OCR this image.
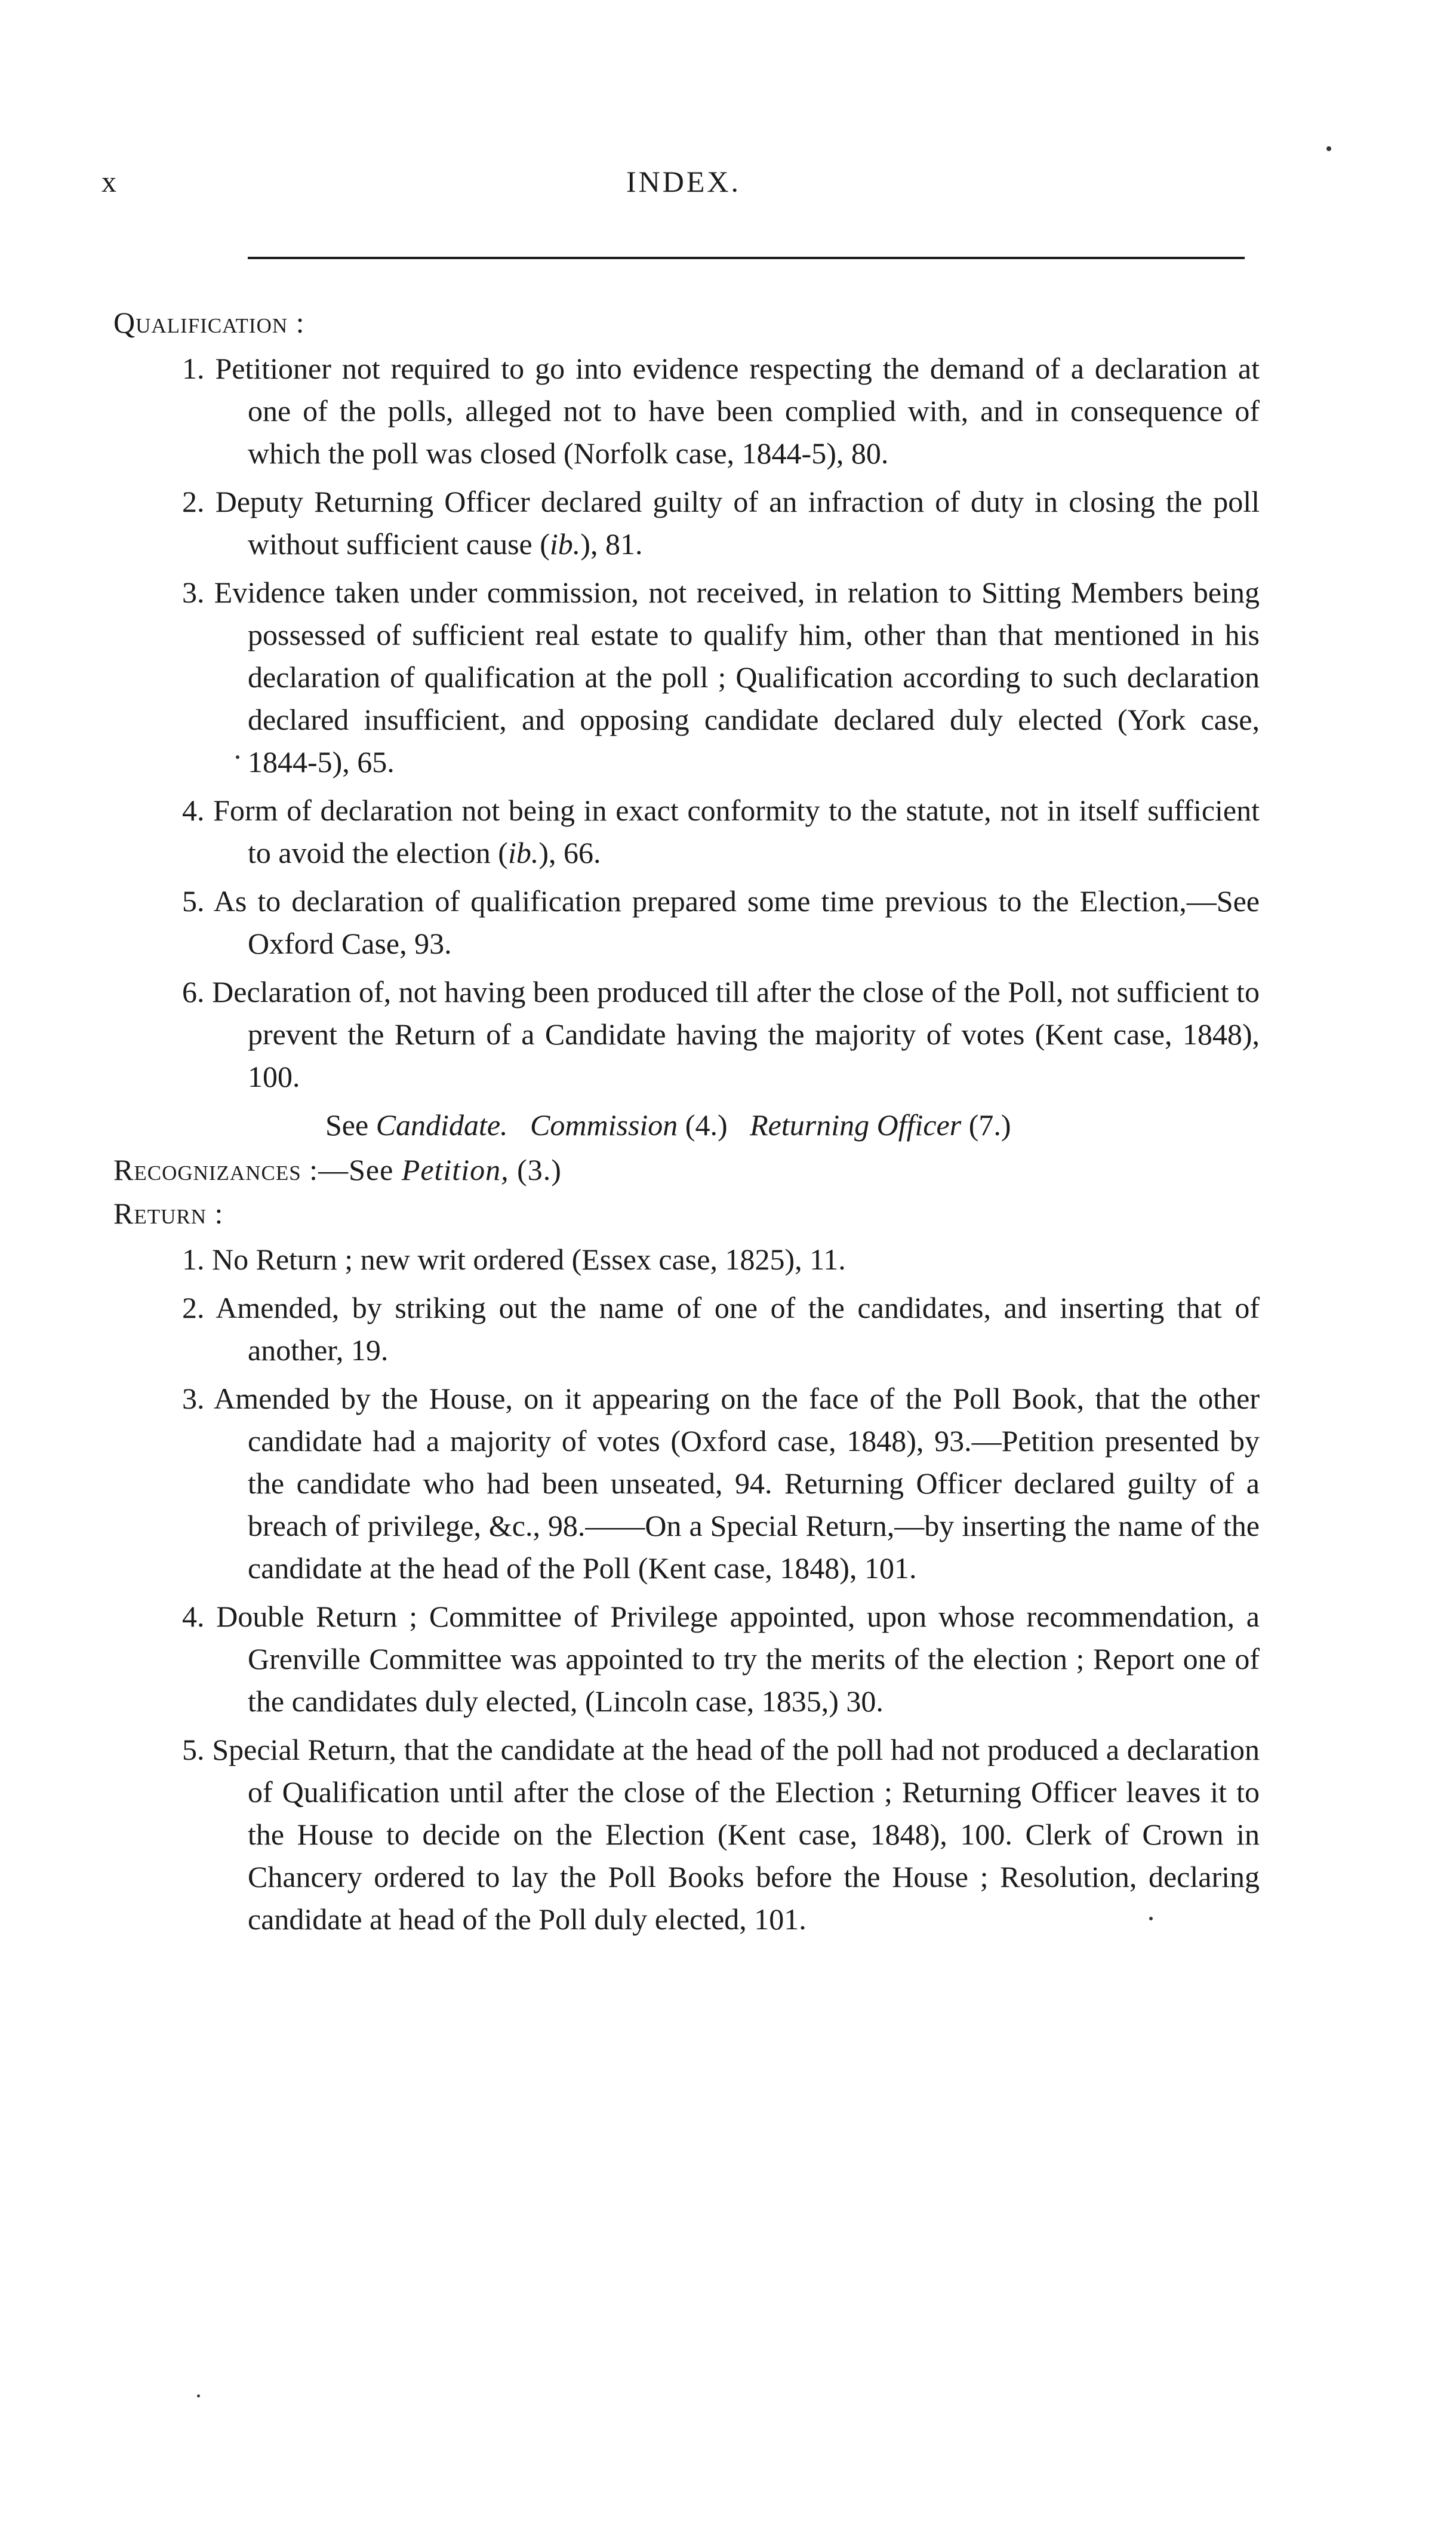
x	INDEX.

Qualification :

1. Petitioner not required to go into evidence respecting the demand of a declaration at one of the polls, alleged not to have been complied with, and in consequence of which the poll was closed (Norfolk case, 1844-5), 80.

2. Deputy Returning Officer declared guilty of an infraction of duty in closing the poll without sufficient cause (ib.), 81.

3. Evidence taken under commission, not received, in relation to Sitting Members being possessed of sufficient real estate to qualify him, other than that mentioned in his declaration of qualification at the poll ; Qualification according to such declaration declared insufficient, and opposing candidate declared duly elected (York case, 1844-5), 65.

4. Form of declaration not being in exact conformity to the statute, not in itself sufficient to avoid the election (ib.), 66.

5. As to declaration of qualification prepared some time previous to the Election,—See Oxford Case, 93.

6. Declaration of, not having been produced till after the close of the Poll, not sufficient to prevent the Return of a Candidate having the majority of votes (Kent case, 1848), 100.

See Candidate. Commission (4.) Returning Officer (7.)

Recognizances :—See Petition, (3.)

Return :

1. No Return ; new writ ordered (Essex case, 1825), 11.

2. Amended, by striking out the name of one of the candidates, and inserting that of another, 19.

3. Amended by the House, on it appearing on the face of the Poll Book, that the other candidate had a majority of votes (Oxford case, 1848), 93.—Petition presented by the candidate who had been unseated, 94. Returning Officer declared guilty of a breach of privilege, &c., 98.——On a Special Return,—by inserting the name of the candidate at the head of the Poll (Kent case, 1848), 101.

4. Double Return ; Committee of Privilege appointed, upon whose recommendation, a Grenville Committee was appointed to try the merits of the election ; Report one of the candidates duly elected, (Lincoln case, 1835,) 30.

5. Special Return, that the candidate at the head of the poll had not produced a declaration of Qualification until after the close of the Election ; Returning Officer leaves it to the House to decide on the Election (Kent case, 1848), 100. Clerk of Crown in Chancery ordered to lay the Poll Books before the House ; Resolution, declaring candidate at head of the Poll duly elected, 101.
